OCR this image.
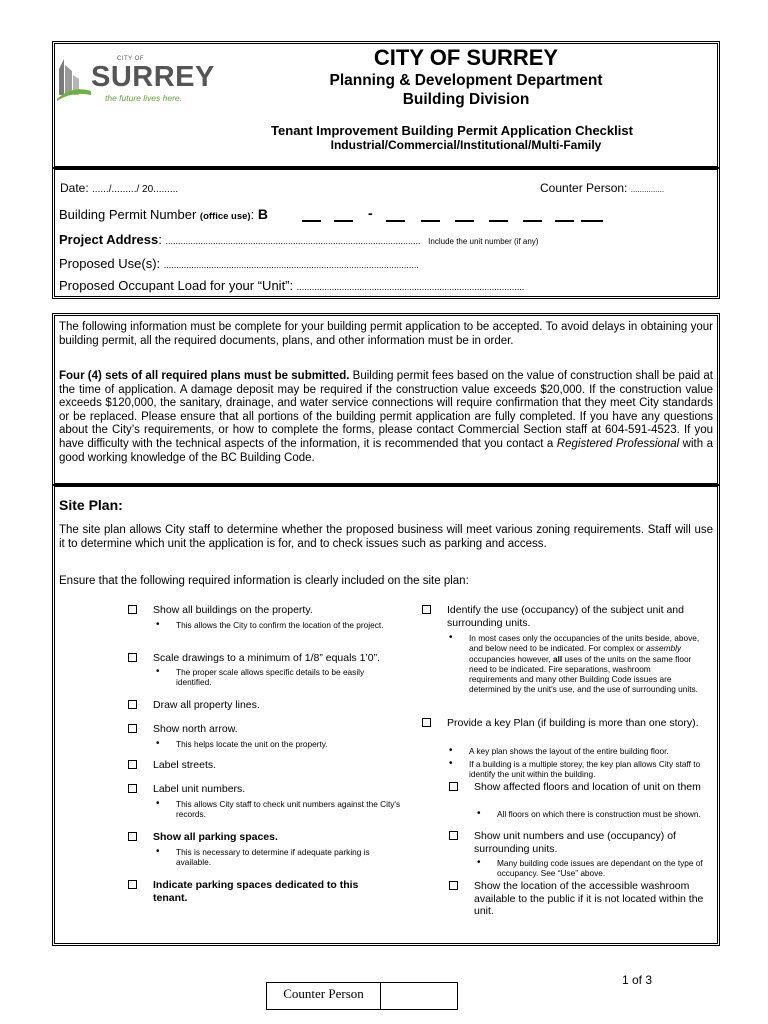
CITY OF
SURREY
the future lives here.
CITY OF SURREY
Planning & Development Department
Building Division
Tenant Improvement Building Permit Application Checklist
Industrial/Commercial/Institutional/Multi-Family
Date: ....../........./ 20.........	Counter Person: ...............
Building Permit Number (office use): B	-
Project Address: ...................................................................................................... Include the unit number (if any)
Proposed Use(s): ......................................................................................................
Proposed Occupant Load for your “Unit”: ...........................................................................................
The following information must be complete for your building permit application to be accepted. To avoid delays in obtaining your building permit, all the required documents, plans, and other information must be in order.
Four (4) sets of all required plans must be submitted. Building permit fees based on the value of construction shall be paid at the time of application. A damage deposit may be required if the construction value exceeds $20,000. If the construction value exceeds $120,000, the sanitary, drainage, and water service connections will require confirmation that they meet City standards or be replaced. Please ensure that all portions of the building permit application are fully completed. If you have any questions about the City’s requirements, or how to complete the forms, please contact Commercial Section staff at 604-591-4523. If you have difficulty with the technical aspects of the information, it is recommended that you contact a Registered Professional with a good working knowledge of the BC Building Code.
Site Plan:
The site plan allows City staff to determine whether the proposed business will meet various zoning requirements. Staff will use it to determine which unit the application is for, and to check issues such as parking and access.
Ensure that the following required information is clearly included on the site plan:
Show all buildings on the property.
• This allows the City to confirm the location of the project.
Scale drawings to a minimum of 1/8” equals 1’0”.
• The proper scale allows specific details to be easily identified.
Draw all property lines.
Show north arrow.
• This helps locate the unit on the property.
Label streets.
Label unit numbers.
• This allows City staff to check unit numbers against the City's records.
Show all parking spaces.
• This is necessary to determine if adequate parking is available.
Indicate parking spaces dedicated to this tenant.
Identify the use (occupancy) of the subject unit and surrounding units.
• In most cases only the occupancies of the units beside, above, and below need to be indicated. For complex or assembly occupancies however, all uses of the units on the same floor need to be indicated. Fire separations, washroom requirements and many other Building Code issues are determined by the unit's use, and the use of surrounding units.
Provide a key Plan (if building is more than one story).
• A key plan shows the layout of the entire building floor.
• If a building is a multiple storey, the key plan allows City staff to identify the unit within the building.
Show affected floors and location of unit on them
• All floors on which there is construction must be shown.
Show unit numbers and use (occupancy) of surrounding units.
• Many building code issues are dependant on the type of occupancy. See “Use” above.
Show the location of the accessible washroom available to the public if it is not located within the unit.
1 of 3
Counter Person
